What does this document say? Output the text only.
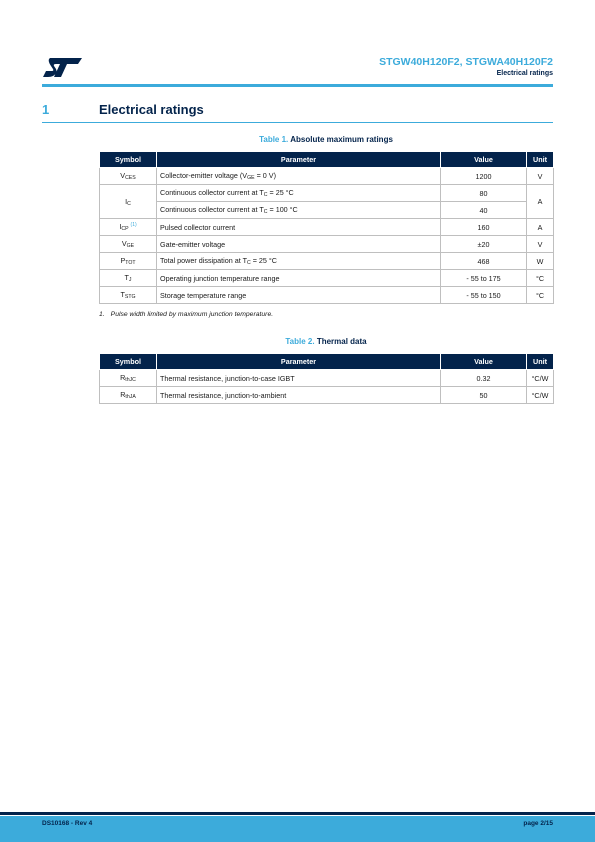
STGW40H120F2, STGWA40H120F2
Electrical ratings
1	Electrical ratings
Table 1. Absolute maximum ratings
Symbol	Parameter	Value	Unit
VCES	Collector-emitter voltage (VGE = 0 V)	1200	V
IC	Continuous collector current at TC = 25 °C	80	A
	Continuous collector current at TC = 100 °C	40	
ICP $^{(1)}$	Pulsed collector current	160	A
VGE	Gate-emitter voltage	±20	V
PTOT	Total power dissipation at TC = 25 °C	468	W
TJ	Operating junction temperature range	- 55 to 175	°C
TSTG	Storage temperature range	- 55 to 150	°C
1. Pulse width limited by maximum junction temperature.
Table 2. Thermal data
Symbol	Parameter	Value	Unit
RthJC	Thermal resistance, junction-to-case IGBT	0.32	°C/W
RthJA	Thermal resistance, junction-to-ambient	50	°C/W
DS10168 - Rev 4	page 2/15
